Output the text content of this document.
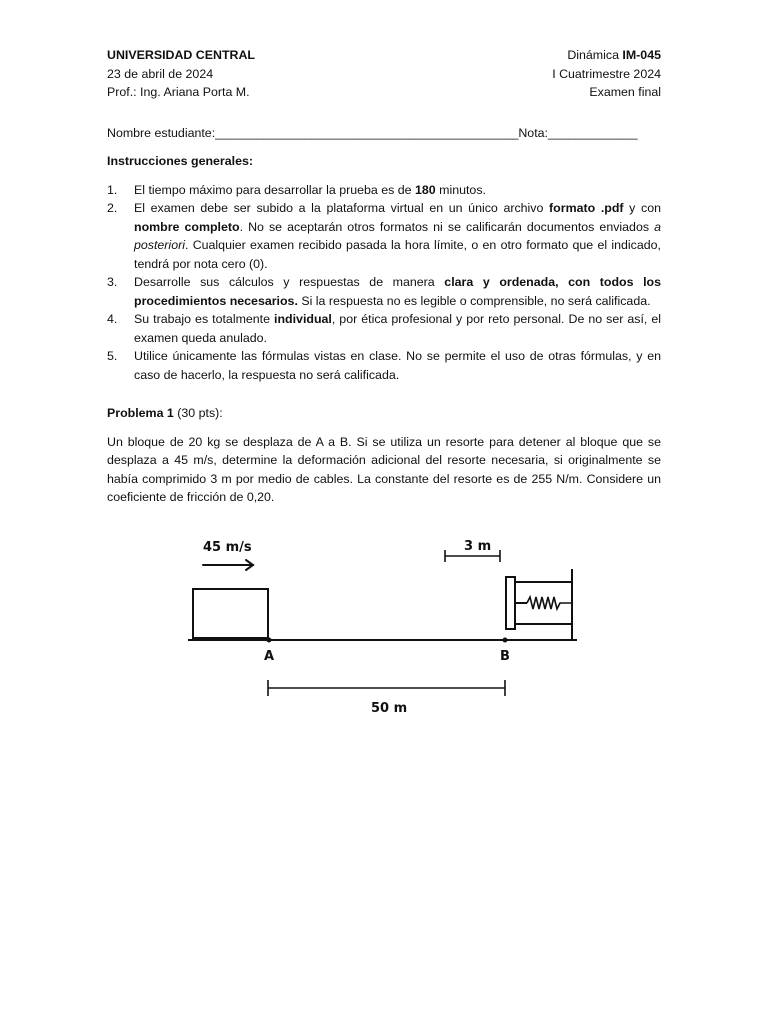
UNIVERSIDAD CENTRAL
23 de abril de 2024
Prof.: Ing. Ariana Porta M.
Dinámica IM-045
I Cuatrimestre 2024
Examen final
Nombre estudiante: ____________________________________________ Nota: _____________
Instrucciones generales:
1.	El tiempo máximo para desarrollar la prueba es de 180 minutos.
2.	El examen debe ser subido a la plataforma virtual en un único archivo formato .pdf y con nombre completo. No se aceptarán otros formatos ni se calificarán documentos enviados a posteriori. Cualquier examen recibido pasada la hora límite, o en otro formato que el indicado, tendrá por nota cero (0).
3.	Desarrolle sus cálculos y respuestas de manera clara y ordenada, con todos los procedimientos necesarios. Si la respuesta no es legible o comprensible, no será calificada.
4.	Su trabajo es totalmente individual, por ética profesional y por reto personal. De no ser así, el examen queda anulado.
5.	Utilice únicamente las fórmulas vistas en clase. No se permite el uso de otras fórmulas, y en caso de hacerlo, la respuesta no será calificada.
Problema 1 (30 pts):
Un bloque de 20 kg se desplaza de A a B. Si se utiliza un resorte para detener al bloque que se desplaza a 45 m/s, determine la deformación adicional del resorte necesaria, si originalmente se había comprimido 3 m por medio de cables. La constante del resorte es de 255 N/m. Considere un coeficiente de fricción de 0,20.
45 m/s	3 m
A	B
50 m
